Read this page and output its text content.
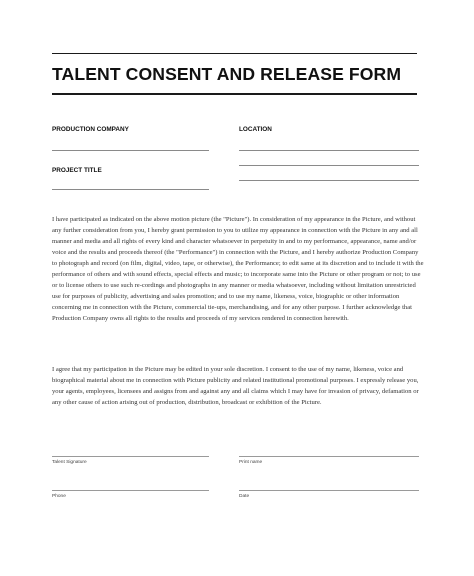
TALENT CONSENT AND RELEASE FORM
PRODUCTION COMPANY	LOCATION
PROJECT TITLE

I have participated as indicated on the above motion picture (the "Picture"). In consideration of my appearance in the Picture, and without any further consideration from you, I hereby grant permission to you to utilize my appearance in connection with the Picture in any and all manner and media and all rights of every kind and character whatsoever in perpetuity in and to my performance, appearance, name and/or voice and the results and proceeds thereof (the "Performance") in connection with the Picture, and I hereby authorize Production Company to photograph and record (on film, digital, video, tape, or otherwise), the Performance; to edit same at its discretion and to include it with the performance of others and with sound effects, special effects and music; to incorporate same into the Picture or other program or not; to use or to license others to use such re-cordings and photographs in any manner or media whatsoever, including without limitation unrestricted use for purposes of publicity, advertising and sales promotion; and to use my name, likeness, voice, biographic or other information concerning me in connection with the Picture, commercial tie-ups, merchandising, and for any other purpose. I further acknowledge that Production Company owns all rights to the results and proceeds of my services rendered in connection herewith.

I agree that my participation in the Picture may be edited in your sole discretion. I consent to the use of my name, likeness, voice and biographical material about me in connection with Picture publicity and related institutional promotional purposes. I expressly release you, your agents, employees, licensees and assigns from and against any and all claims which I may have for invasion of privacy, defamation or any other cause of action arising out of production, distribution, broadcast or exhibition of the Picture.

Talent Signature	Print name
Phone	Date
